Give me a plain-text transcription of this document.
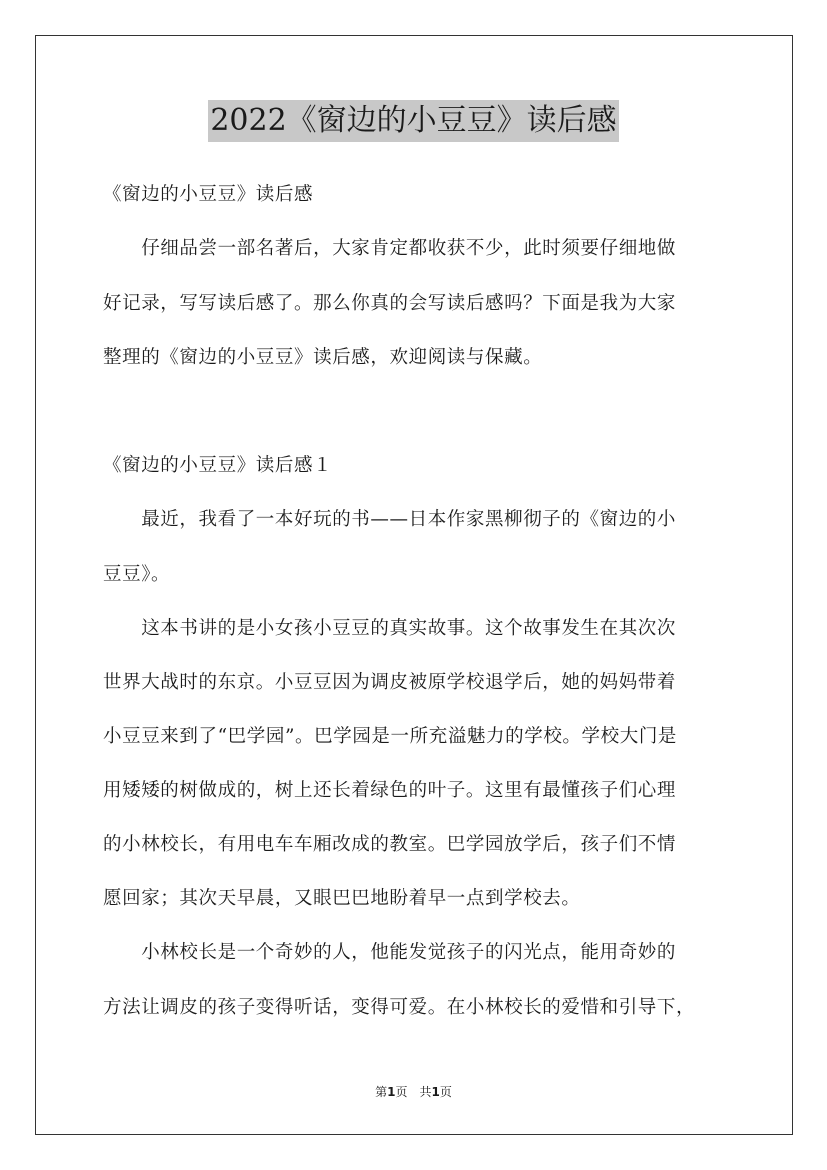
2022《窗边的小豆豆》读后感
《窗边的小豆豆》读后感
　　仔细品尝一部名著后，大家肯定都收获不少，此时须要仔细地做
好记录，写写读后感了。那么你真的会写读后感吗？下面是我为大家
整理的《窗边的小豆豆》读后感，欢迎阅读与保藏。
《窗边的小豆豆》读后感１
　　最近，我看了一本好玩的书——日本作家黑柳彻子的《窗边的小
豆豆》。
　　这本书讲的是小女孩小豆豆的真实故事。这个故事发生在其次次
世界大战时的东京。小豆豆因为调皮被原学校退学后，她的妈妈带着
小豆豆来到了“巴学园”。巴学园是一所充溢魅力的学校。学校大门是
用矮矮的树做成的，树上还长着绿色的叶子。这里有最懂孩子们心理
的小林校长，有用电车车厢改成的教室。巴学园放学后，孩子们不情
愿回家；其次天早晨，又眼巴巴地盼着早一点到学校去。
　　小林校长是一个奇妙的人，他能发觉孩子的闪光点，能用奇妙的
方法让调皮的孩子变得听话，变得可爱。在小林校长的爱惜和引导下，
第1页　共1页
